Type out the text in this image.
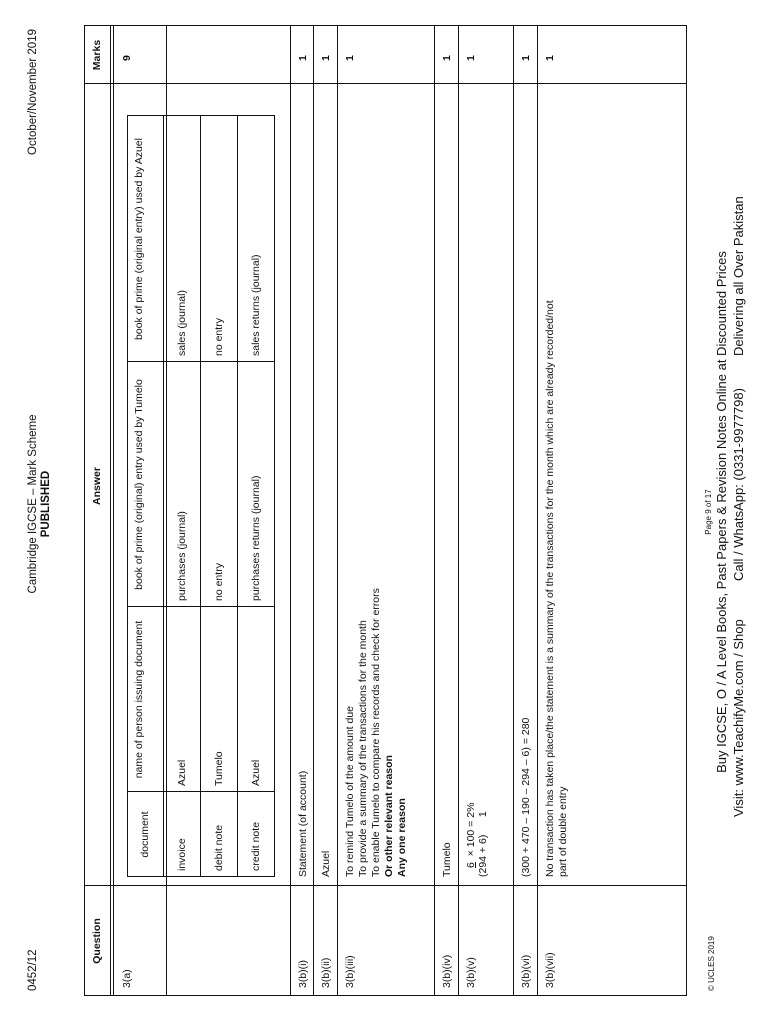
0452/12
Cambridge IGCSE – Mark Scheme PUBLISHED
October/November 2019
Question
Answer
Marks
3(a)
9
3(b)(i)
Statement (of account)
1
3(b)(ii)
Azuel
1
3(b)(iii)
To remind Tumelo of the amount due To provide a summary of the transactions for the month To enable Tumelo to compare his records and check for errors Or other relevant reason Any one reason
1
3(b)(iv)
Tumelo
1
3(b)(v)
6  × 100 = 2%
(294 + 6)      1
1
3(b)(vi)
(300 + 470 – 190 – 294 – 6) = 280
1
3(b)(vii)
No transaction has taken place/the statement is a summary of the transactions for the month which are already recorded/not part of double entry
1
document
name of person issuing document
book of prime (original) entry used by Tumelo
book of prime (original entry) used by Azuel
invoice
Azuel
purchases (journal)
sales (journal)
debit note
Tumelo
no entry
no entry
credit note
Azuel
purchases returns (journal)
sales returns (journal)
© UCLES 2019
Page 9 of 17 Buy IGCSE, O / A Level Books, Past Papers & Revision Notes Online at Discounted Prices Visit: www.TeachifyMe.com / Shop
Call / WhatsApp: (0331-9977798)
Delivering all Over Pakistan
